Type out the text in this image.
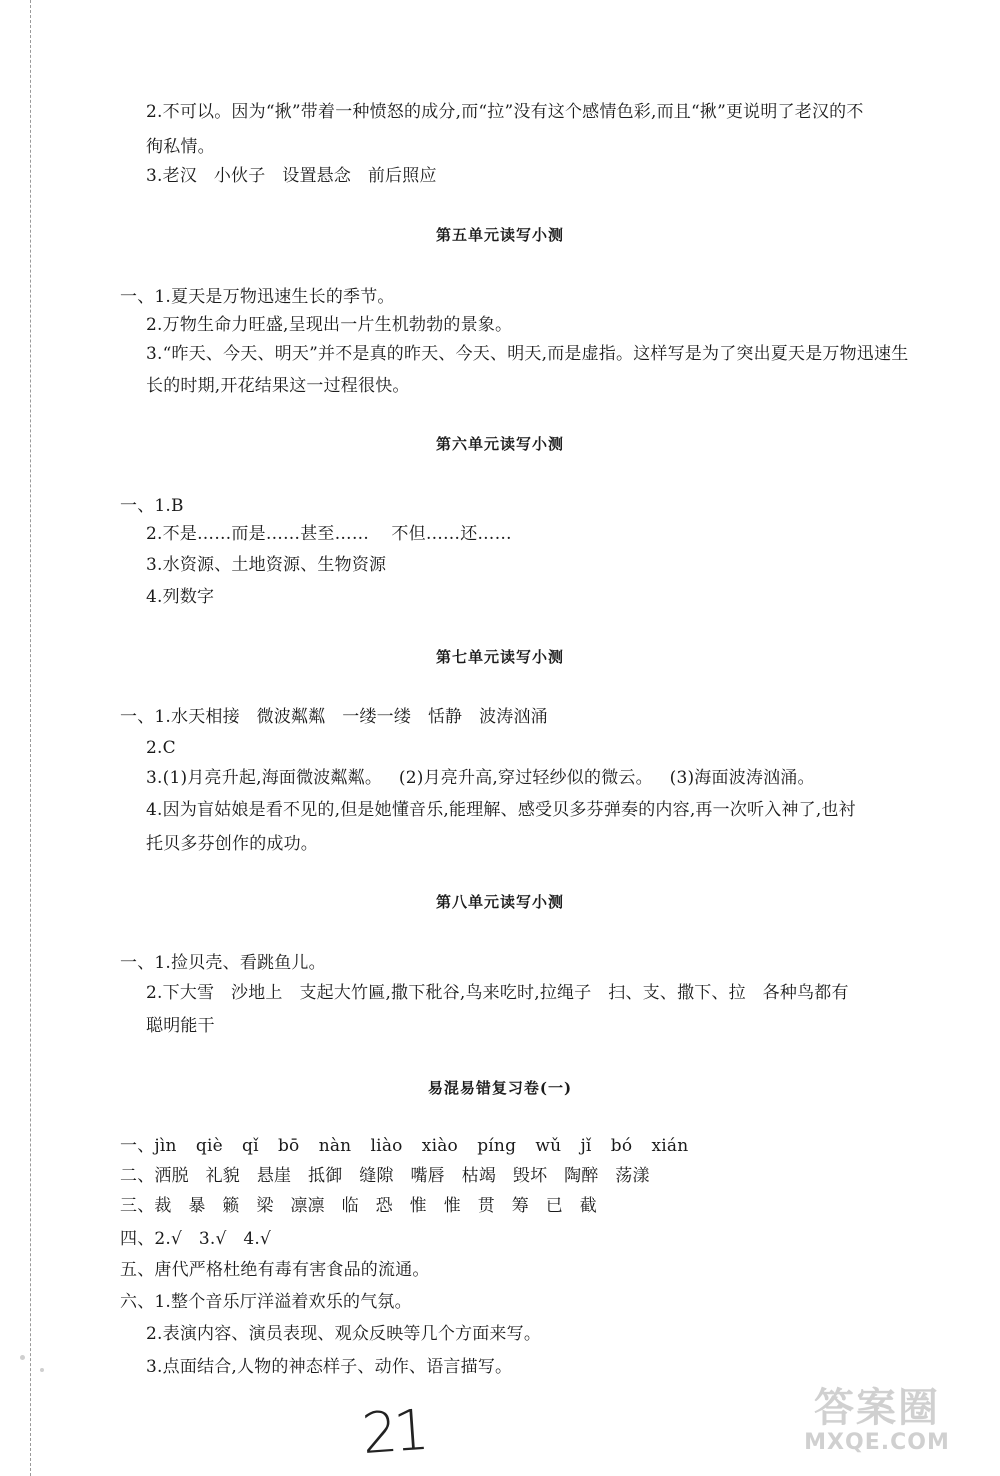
2.不可以。因为“揪”带着一种愤怒的成分,而“拉”没有这个感情色彩,而且“揪”更说明了老汉的不
徇私情。
3.老汉   小伙子   设置悬念   前后照应
第五单元读写小测
一、1.夏天是万物迅速生长的季节。
2.万物生命力旺盛,呈现出一片生机勃勃的景象。
3.“昨天、今天、明天”并不是真的昨天、今天、明天,而是虚指。这样写是为了突出夏天是万物迅速生
长的时期,开花结果这一过程很快。
第六单元读写小测
一、1.B
2.不是……而是……甚至……    不但……还……
3.水资源、土地资源、生物资源
4.列数字
第七单元读写小测
一、1.水天相接   微波粼粼   一缕一缕   恬静   波涛汹涌
2.C
3.(1)月亮升起,海面微波粼粼。   (2)月亮升高,穿过轻纱似的微云。   (3)海面波涛汹涌。
4.因为盲姑娘是看不见的,但是她懂音乐,能理解、感受贝多芬弹奏的内容,再一次听入神了,也衬
托贝多芬创作的成功。
第八单元读写小测
一、1.捡贝壳、看跳鱼儿。
2.下大雪   沙地上   支起大竹匾,撒下秕谷,鸟来吃时,拉绳子   扫、支、撒下、拉   各种鸟都有
聪明能干
易混易错复习卷(一)
一、jìn  qiè  qǐ  bō  nàn  liào  xiào  píng  wǔ  jǐ  bó  xián
二、洒脱   礼貌   悬崖   抵御   缝隙   嘴唇   枯竭   毁坏   陶醉   荡漾
三、裁   暴   籁   梁   凛凛   临   恐   惟   惟   贯   筹   已   截
四、2.√   3.√   4.√
五、唐代严格杜绝有毒有害食品的流通。
六、1.整个音乐厅洋溢着欢乐的气氛。
2.表演内容、演员表现、观众反映等几个方面来写。
3.点面结合,人物的神态样子、动作、语言描写。
21	答案圈
MXQE.COM
